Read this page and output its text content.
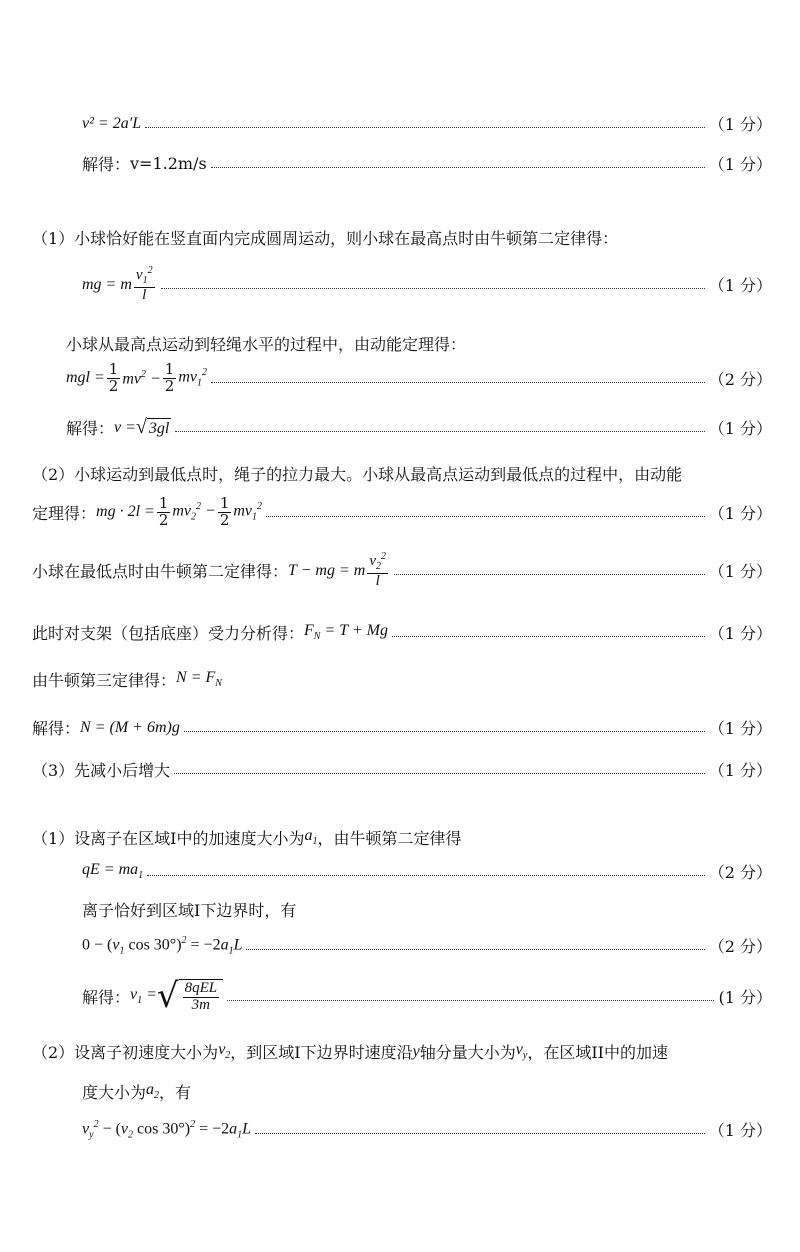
v² = 2a′L	（1 分）
解得： v=1.2m/s	（1 分）
（1）小球恰好能在竖直面内完成圆周运动，则小球在最高点时由牛顿第二定律得：
mg = m $\frac{v_1^2}{l}$	（1 分）
小球从最高点运动到轻绳水平的过程中，由动能定理得：
mgl = $\frac{1}{2} mv^2 - \frac{1}{2} mv_1^2$	（2 分）
解得： v = √ 3gl	（1 分）
（2）小球运动到最低点时，绳子的拉力最大。小球从最高点运动到最低点的过程中，由动能
定理得： mg · $2l = \frac{1}{2} mv_2^2 - \frac{1}{2} mv_1^2$	（1 分）
小球在最低点时由牛顿第二定律得： T − mg = m $\frac{v_2^2}{l}$	（1 分）
此时对支架（包括底座）受力分析得： $F_N = T + Mg$	（1 分）
由牛顿第三定律得： $N = F_N$
解得： N = (M + 6m)g	（1 分）
（3）先减小后增大	（1 分）
（1）设离子在区域I中的加速度大小为 $a_1$ ，由牛顿第二定律得
qE = $ma_1$	（2 分）
离子恰好到区域I下边界时，有
$0 - (v_1$ $\cos 30^\circ)^2 = -2a_1L$	（2 分）
解得： $v_1$ = √ $\frac{\text{8qEL}}{3m}$	(1 分）
（2）设离子初速度大小为 $v_2$ ，到区域I下边界时速度沿 y 轴分量大小为 $v_y$ ，在区域II中的加速
度大小为 $a_2$ ，有
$v_y^2 - (v_2$ $\cos 30^\circ)^2 = -2a_1L$	（1 分）
